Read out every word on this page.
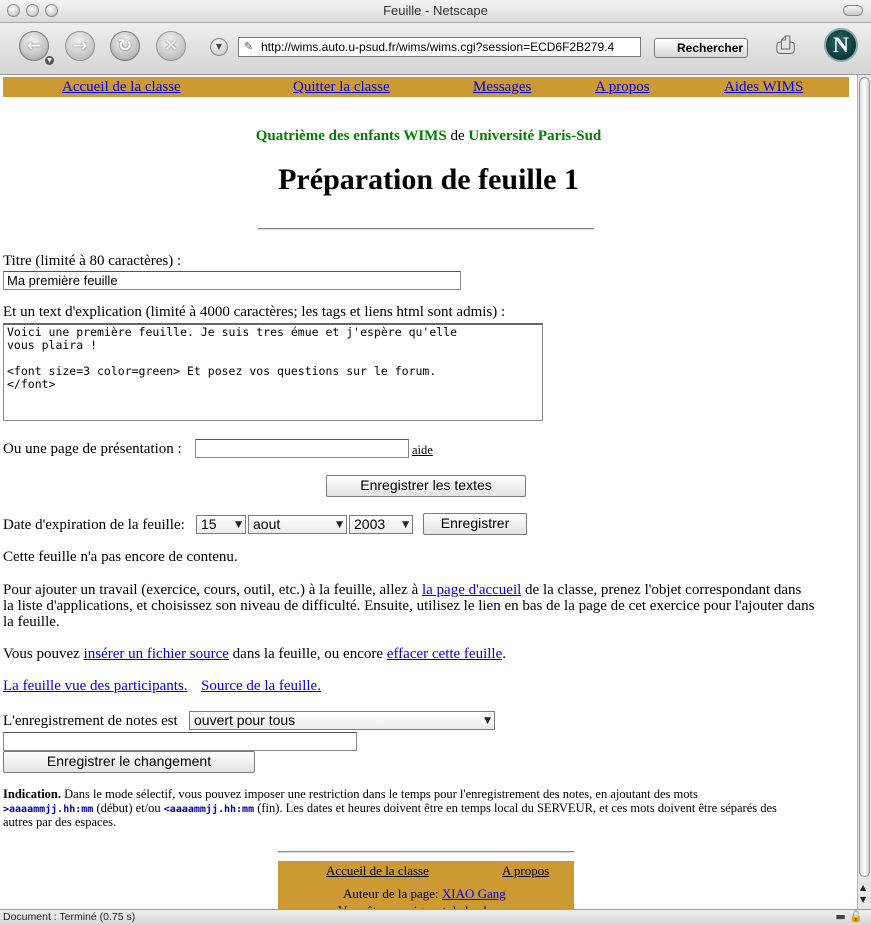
Feuille - Netscape
←
▼
→	↻	✕	▼	http://wims.auto.u-psud.fr/wims/wims.cgi?session=ECD6F2B279.4
✎	Rechercher ⎙	N
Accueil de la classe	Quitter la classe	Messages	A propos	Aides WIMS
Quatrième des enfants WIMS de Université Paris-Sud
Préparation de feuille 1
Titre (limité à 80 caractères) :
Ma première feuille
Et un text d'explication (limité à 4000 caractères; les tags et liens html sont admis) :
Voici une première feuille. Je suis tres émue et j'espère qu'elle
vous plaira !

<font size=3 color=green> Et posez vos questions sur le forum.
</font>
Ou une page de présentation :	aide
Enregistrer les textes
Date d'expiration de la feuille:	15 ▼ aout	▼ 2003 ▼	Enregistrer
Cette feuille n'a pas encore de contenu.
Pour ajouter un travail (exercice, cours, outil, etc.) à la feuille, allez à la page d'accueil de la classe, prenez l'objet correspondant dans
la liste d'applications, et choisissez son niveau de difficulté. Ensuite, utilisez le lien en bas de la page de cet exercice pour l'ajouter dans
la feuille.
Vous pouvez insérer un fichier source dans la feuille, ou encore effacer cette feuille.
La feuille vue des participants. Source de la feuille.
L'enregistrement de notes est	ouvert pour tous	▼
Enregistrer le changement
Indication. Dans le mode sélectif, vous pouvez imposer une restriction dans le temps pour l'enregistrement des notes, en ajoutant des mots
>aaaammjj.hh:mm (début) et/ou <aaaammjj.hh:mm (fin). Les dates et heures doivent être en temps local du SERVEUR, et ces mots doivent être séparés des
autres par des espaces.
Accueil de la classe	A propos
Auteur de la page: XIAO Gang	▲
▼
Document : Terminé (0.75 s)	▬ 🔓
